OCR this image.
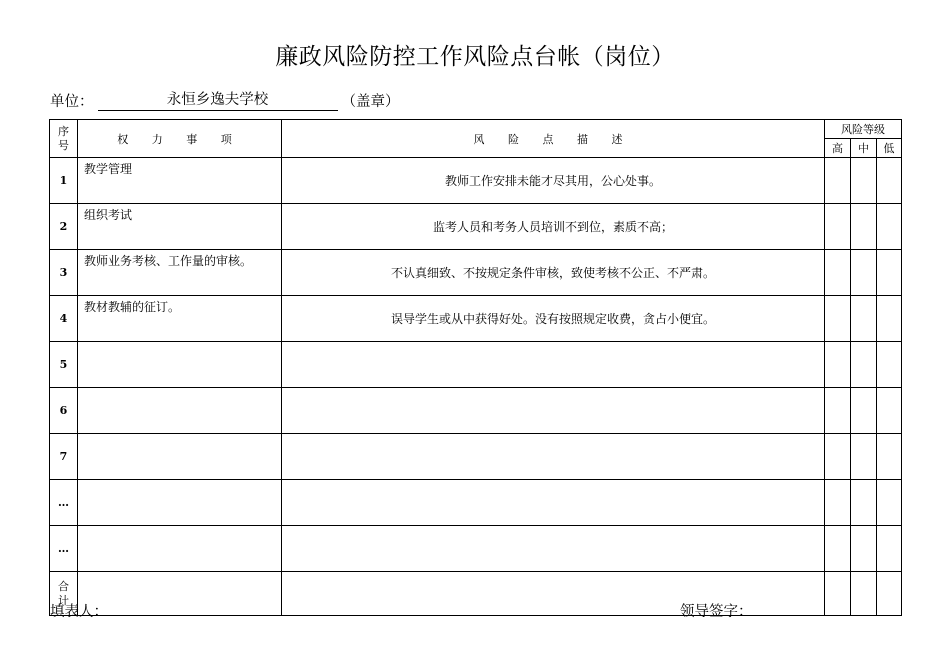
廉政风险防控工作风险点台帐（岗位）
单位：	永恒乡逸夫学校	（盖章）
序
号	权 力 事 项	风 险 点 描 述	风险等级		
			高	中	低
1	教学管理	教师工作安排未能才尽其用，公心处事。			
2	组织考试	监考人员和考务人员培训不到位，素质不高；			
3	教师业务考核、工作量的审核。	不认真细致、不按规定条件审核，致使考核不公正、不严肃。			
4	教材教辅的征订。	误导学生或从中获得好处。没有按照规定收费，贪占小便宜。			
5					
6					
7					
…					
…					
合
计					
填表人：	领导签字：
